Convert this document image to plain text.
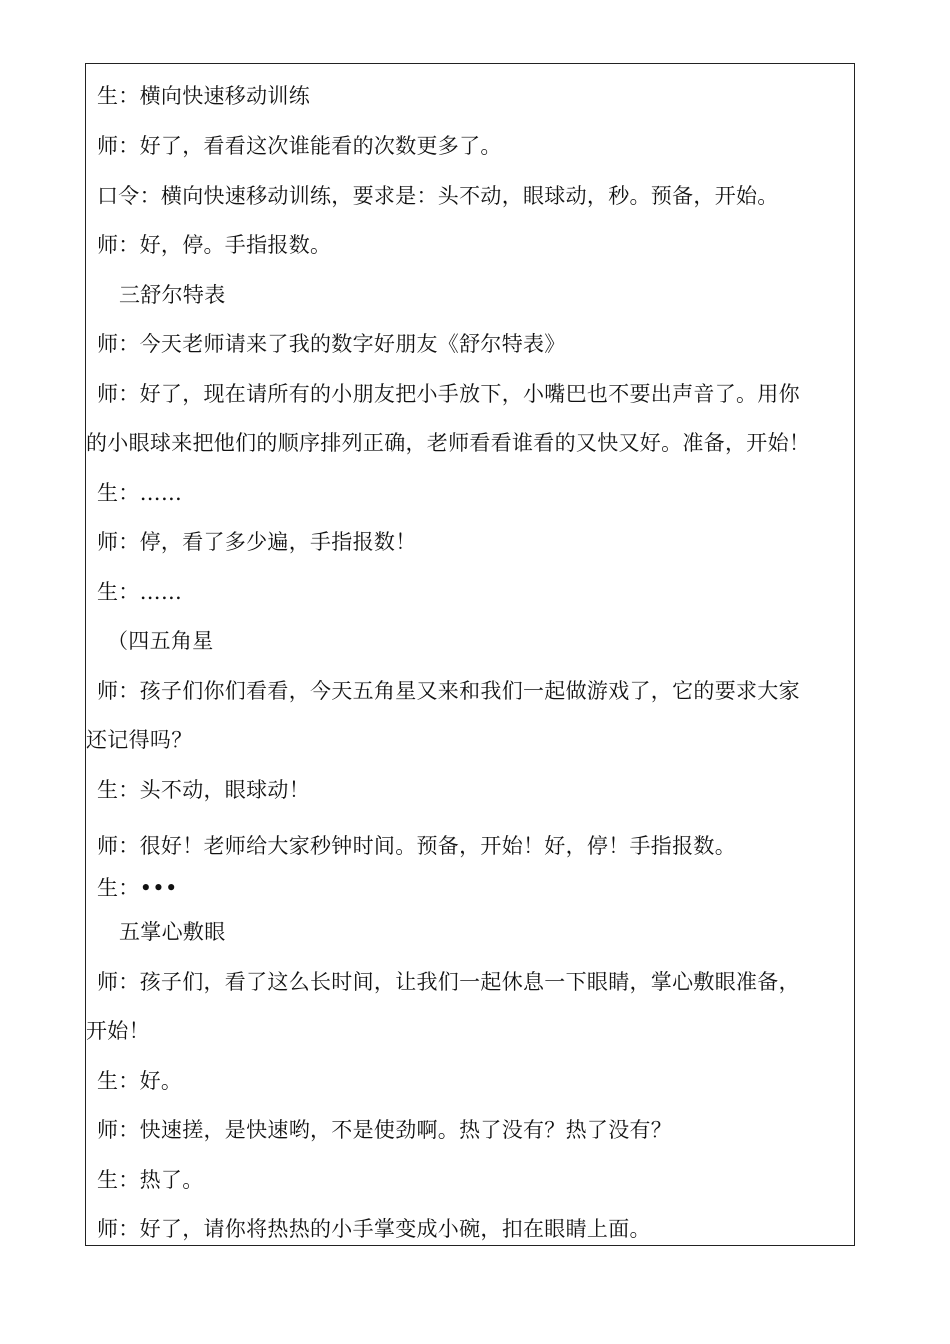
生：横向快速移动训练
师：好了，看看这次谁能看的次数更多了。
口令：横向快速移动训练，要求是：头不动，眼球动，秒。预备，开始。
师：好，停。手指报数。
三舒尔特表
师：今天老师请来了我的数字好朋友《舒尔特表》
师：好了，现在请所有的小朋友把小手放下，小嘴巴也不要出声音了。用你
的小眼球来把他们的顺序排列正确，老师看看谁看的又快又好。准备，开始！
生：……
师：停，看了多少遍，手指报数！
生：……
（四五角星
师：孩子们你们看看，今天五角星又来和我们一起做游戏了，它的要求大家
还记得吗？
生：头不动，眼球动！
师：很好！老师给大家秒钟时间。预备，开始！好，停！手指报数。
生：•••
五掌心敷眼
师：孩子们，看了这么长时间，让我们一起休息一下眼睛，掌心敷眼准备，
开始！
生：好。
师：快速搓，是快速哟，不是使劲啊。热了没有？热了没有？
生：热了。
师：好了，请你将热热的小手掌变成小碗，扣在眼睛上面。
